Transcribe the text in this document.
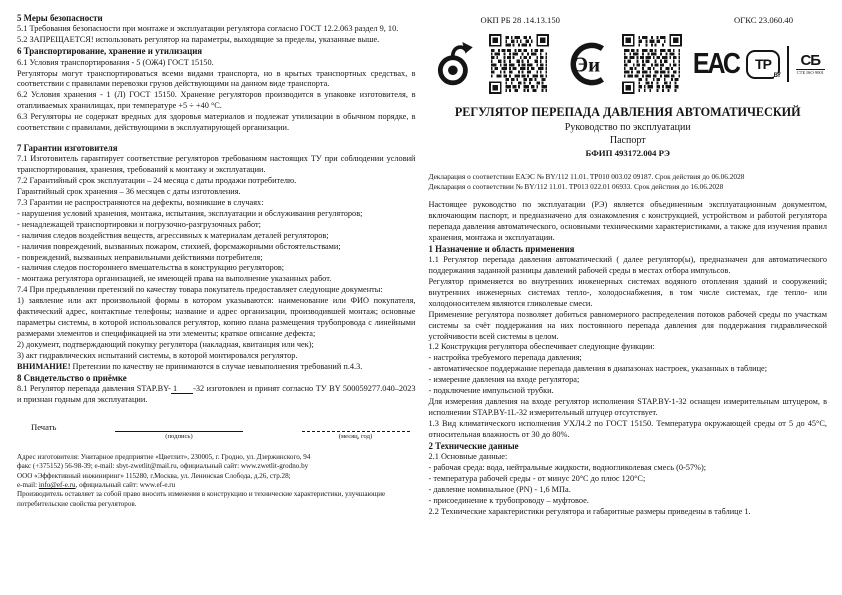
5 Меры безопасности
5.1 Требования безопасности при монтаже и эксплуатации регулятора согласно ГОСТ 12.2.063 раздел 9, 10.
5.2 ЗАПРЕЩАЕТСЯ! использовать регулятор на параметры, выходящие за пределы, указанные выше.
6 Транспортирование, хранение и утилизация
6.1 Условия транспортирования - 5 (ОЖ4) ГОСТ 15150.
Регуляторы могут транспортироваться всеми видами транспорта, но в крытых транспортных средствах, в соответствии с правилами перевозки грузов действующими на данном виде транспорта.
6.2 Условия хранения - 1 (Л) ГОСТ 15150. Хранение регуляторов производится в упаковке изготовителя, в отапливаемых хранилищах, при температуре +5 ÷ +40 °С.
6.3 Регуляторы не содержат вредных для здоровья материалов и подлежат утилизации в обычном порядке, в соответствии с правилами, действующими в эксплуатирующей организации.
7 Гарантии изготовителя
7.1 Изготовитель гарантирует соответствие регуляторов требованиям настоящих ТУ при соблюдении условий транспортирования, хранения, требований к монтажу и эксплуатации.
7.2 Гарантийный срок эксплуатации – 24 месяца с даты продажи потребителю.
Гарантийный срок хранения – 36 месяцев с даты изготовления.
7.3 Гарантии не распространяются на дефекты, возникшие в случаях:
- нарушения условий хранения, монтажа, испытания, эксплуатации и обслуживания регуляторов;
- ненадлежащей транспортировки и погрузочно-разгрузочных работ;
- наличия следов воздействия веществ, агрессивных к материалам деталей регуляторов;
- наличия повреждений, вызванных пожаром, стихией, форсмажорными обстоятельствами;
- повреждений, вызванных неправильными действиями потребителя;
- наличия следов постороннего вмешательства в конструкцию регуляторов;
- монтажа регулятора организацией, не имеющей права на выполнение указанных работ.
7.4 При предъявлении претензий по качеству товара покупатель предоставляет следующие документы:
1) заявление или акт произвольной формы в котором указываются: наименование или ФИО покупателя, фактический адрес, контактные телефоны; название и адрес организации, производившей монтаж; основные параметры системы, в которой использовался регулятор, копию плана размещения трубопровода с линейными размерами элементов и спецификацией на эти элементы; краткое описание дефекта;
2) документ, подтверждающий покупку регулятора (накладная, квитанция или чек);
3) акт гидравлических испытаний системы, в которой монтировался регулятор.
ВНИМАНИЕ! Претензии по качеству не принимаются в случае невыполнения требований п.4.3.
8 Свидетельство о приёмке
8.1 Регулятор перепада давления STAP.BY- 1 -32 изготовлен и принят согласно ТУ BY 500059277.040–2023 и признан годным для эксплуатации.
Печать
(подпись)	(месяц, год)
Адрес изготовителя: Унитарное предприятие «Цветлит», 230005, г. Гродно, ул. Дзержинского, 94
факс (+375152) 56-98-39; e-mail: sbyt-zwetlit@mail.ru, официальный сайт: www.zwetlit-grodno.by
ООО «Эффективный инжиниринг» 115280, г.Москва, ул. Ленинская Слобода, д.26, стр.28;
e-mail: info@ef-e.ru, официальный сайт: www.ef-e.ru
Производитель оставляет за собой право вносить изменения в конструкцию и технические характеристики, улучшающие потребительские свойства регуляторов.
ОКП РБ 28 .14.13.150	ОГКС 23.060.40
Эи	ЕАС ТР
BY
СБ
СТБ ISO 9001
РЕГУЛЯТОР ПЕРЕПАДА ДАВЛЕНИЯ АВТОМАТИЧЕСКИЙ
Руководство по эксплуатации
Паспорт
БФИП 493172.004 РЭ
Декларация о соответствии ЕАЭС № BY/112 11.01. ТР010 003.02 09187. Срок действия до 06.06.2028
Декларация о соответствии № BY/112 11.01. ТР013 022.01 06933. Срок действия до 16.06.2028
Настоящее руководство по эксплуатации (РЭ) является объединенным эксплуатационным документом, включающим паспорт, и предназначено для ознакомления с конструкцией, устройством и работой регулятора перепада давления автоматического, основными техническими характеристиками, а также для изучения правил хранения, монтажа и эксплуатации.
1 Назначение и область применения
1.1 Регулятор перепада давления автоматический ( далее регулятор(ы), предназначен для автоматического поддержания заданной разницы давлений рабочей среды в местах отбора импульсов.
Регулятор применяется во внутренних инженерных системах водяного отопления зданий и сооружений; внутренних инженерных системах тепло-, холодоснабжения, в том числе системах, где тепло- или холодоносителем являются гликолевые смеси.
Применение регулятора позволяет добиться равномерного распределения потоков рабочей среды по участкам системы за счёт поддержания на них постоянного перепада давления для поддержания гидравлической устойчивости всей системы в целом.
1.2 Конструкция регулятора обеспечивает следующие функции:
- настройка требуемого перепада давления;
- автоматическое поддержание перепада давления в диапазонах настроек, указанных в таблице;
- измерение давления на входе регулятора;
- подключение импульсной трубки.
Для измерения давления на входе регулятор исполнения STAP.BY-1-32 оснащен измерительным штуцером, в исполнении STAP.BY-1L-32 измерительный штуцер отсутствует.
1.3 Вид климатического исполнения УХЛ4.2 по ГОСТ 15150. Температура окружающей среды от 5 до 45°С, относительная влажность от 30 до 80%.
2 Технические данные
2.1 Основные данные:
- рабочая среда: вода, нейтральные жидкости, водногликолевая смесь (0-57%);
- температура рабочей среды - от минус 20°С до плюс 120°С;
- давление номинальное (PN) - 1,6 МПа.
- присоединение к трубопроводу – муфтовое.
2.2 Технические характеристики регулятора и габаритные размеры приведены в таблице 1.
